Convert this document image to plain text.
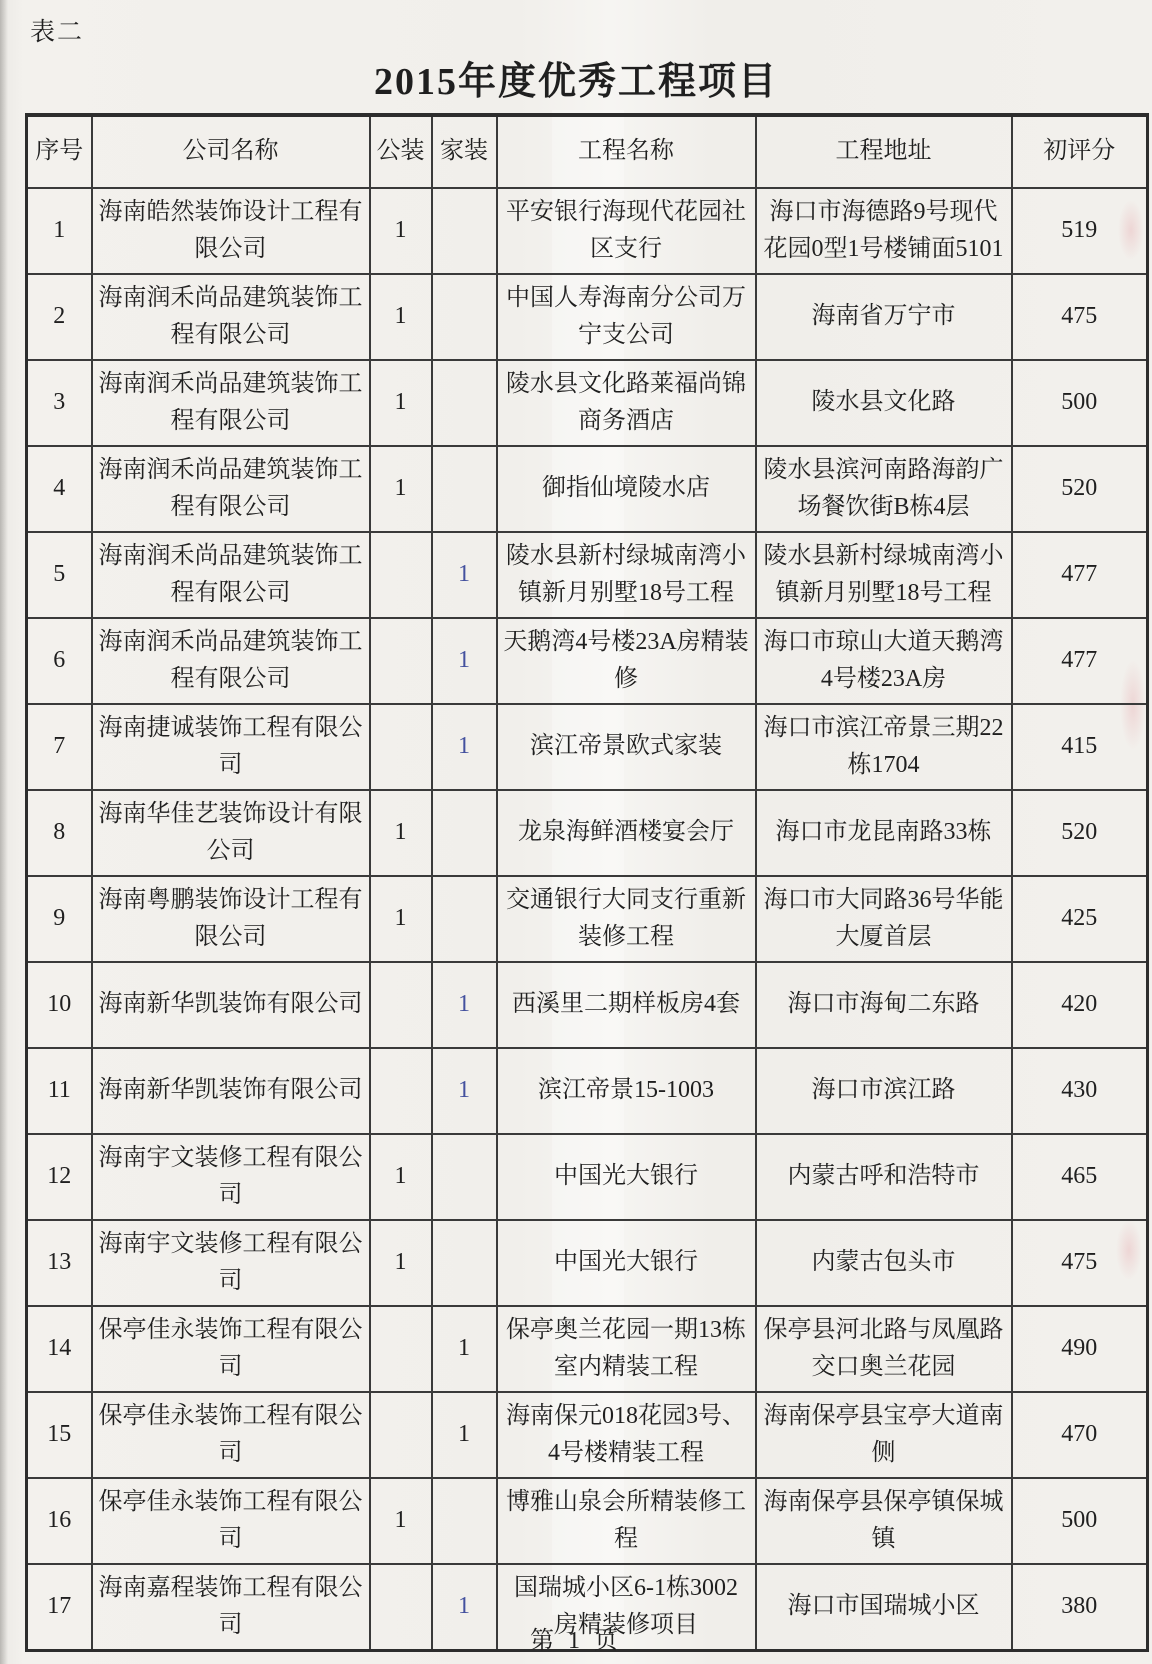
表二
2015年度优秀工程项目
序号	公司名称	公装	家装	工程名称	工程地址	初评分
1	海南皓然装饰设计工程有限公司	1		平安银行海现代花园社区支行	海口市海德路9号现代花园0型1号楼铺面5101	519
2	海南润禾尚品建筑装饰工程有限公司	1		中国人寿海南分公司万宁支公司	海南省万宁市	475
3	海南润禾尚品建筑装饰工程有限公司	1		陵水县文化路莱福尚锦商务酒店	陵水县文化路	500
4	海南润禾尚品建筑装饰工程有限公司	1		御指仙境陵水店	陵水县滨河南路海韵广场餐饮街B栋4层	520
5	海南润禾尚品建筑装饰工程有限公司		1	陵水县新村绿城南湾小镇新月别墅18号工程	陵水县新村绿城南湾小镇新月别墅18号工程	477
6	海南润禾尚品建筑装饰工程有限公司		1	天鹅湾4号楼23A房精装修	海口市琼山大道天鹅湾4号楼23A房	477
7	海南捷诚装饰工程有限公司		1	滨江帝景欧式家装	海口市滨江帝景三期22栋1704	415
8	海南华佳艺装饰设计有限公司	1		龙泉海鲜酒楼宴会厅	海口市龙昆南路33栋	520
9	海南粤鹏装饰设计工程有限公司	1		交通银行大同支行重新装修工程	海口市大同路36号华能大厦首层	425
10	海南新华凯装饰有限公司		1	西溪里二期样板房4套	海口市海甸二东路	420
11	海南新华凯装饰有限公司		1	滨江帝景15-1003	海口市滨江路	430
12	海南宇文装修工程有限公司	1		中国光大银行	内蒙古呼和浩特市	465
13	海南宇文装修工程有限公司	1		中国光大银行	内蒙古包头市	475
14	保亭佳永装饰工程有限公司		1	保亭奥兰花园一期13栋室内精装工程	保亭县河北路与凤凰路交口奥兰花园	490
15	保亭佳永装饰工程有限公司		1	海南保元018花园3号、4号楼精装工程	海南保亭县宝亭大道南侧	470
16	保亭佳永装饰工程有限公司	1		博雅山泉会所精装修工程	海南保亭县保亭镇保城镇	500
17	海南嘉程装饰工程有限公司		1	国瑞城小区6-1栋3002房精装修项目	海口市国瑞城小区	380
第 1 页
